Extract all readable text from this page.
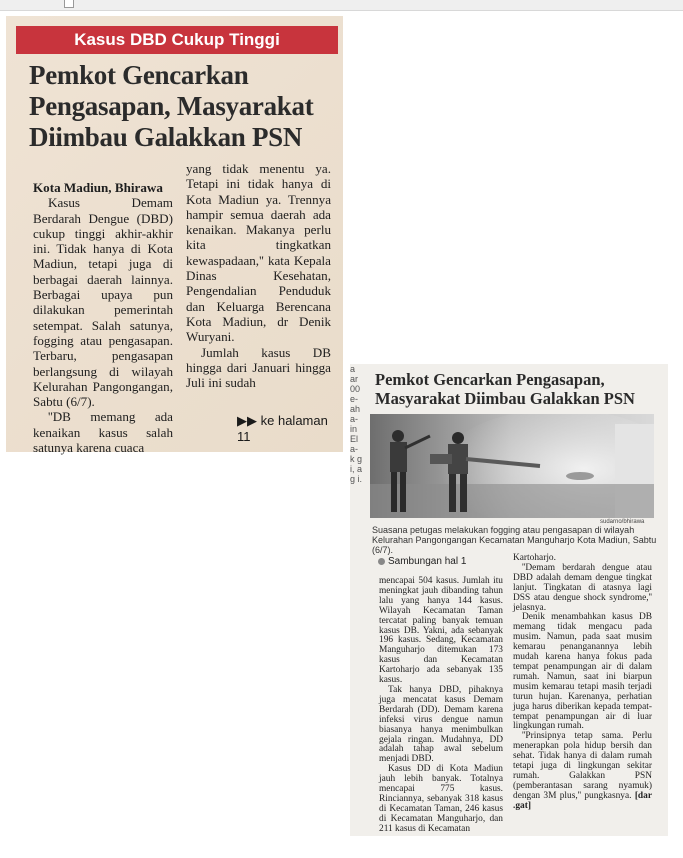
Kasus DBD Cukup Tinggi
Pemkot Gencarkan Pengasapan, Masyarakat Diimbau Galakkan PSN

Kota Madiun, Bhirawa

Kasus Demam Berdarah Dengue (DBD) cukup tinggi akhir-akhir ini. Tidak hanya di Kota Madiun, tetapi juga di berbagai daerah lainnya. Berbagai upaya pun dilakukan pemerintah setempat. Salah satunya, fogging atau pengasapan. Terbaru, pengasapan berlangsung di wilayah Kelurahan Pangongangan, Sabtu (6/7).

''DB memang ada kenaikan kasus salah satunya karena cuaca

yang tidak menentu ya. Tetapi ini tidak hanya di Kota Madiun ya. Trennya hampir semua daerah ada kenaikan. Makanya perlu kita tingkatkan kewaspadaan,'' kata Kepala Dinas Kesehatan, Pengendalian Penduduk dan Keluarga Berencana Kota Madiun, dr Denik Wuryani.

Jumlah kasus DB hingga dari Januari hingga Juli ini sudah

▶▶ ke halaman 11
a ar 00 e- ah a- in El a- k g i, a g i.
Pemkot Gencarkan Pengasapan, Masyarakat Diimbau Galakkan PSN
sudarno/bhirawa
Suasana petugas melakukan fogging atau pengasapan di wilayah Kelurahan Pangongangan Kecamatan Manguharjo Kota Madiun, Sabtu (6/7).
Sambungan hal 1

mencapai 504 kasus. Jumlah itu meningkat jauh dibanding tahun lalu yang hanya 144 kasus. Wilayah Kecamatan Taman tercatat paling banyak temuan kasus DB. Yakni, ada sebanyak 196 kasus. Sedang, Kecamatan Manguharjo ditemukan 173 kasus dan Kecamatan Kartoharjo ada sebanyak 135 kasus.

Tak hanya DBD, pihaknya juga mencatat kasus Demam Berdarah (DD). Demam karena infeksi virus dengue namun biasanya hanya menimbulkan gejala ringan. Mudahnya, DD adalah tahap awal sebelum menjadi DBD.

Kasus DD di Kota Madiun jauh lebih banyak. Totalnya mencapai 775 kasus. Rinciannya, sebanyak 318 kasus di Kecamatan Taman, 246 kasus di Kecamatan Manguharjo, dan 211 kasus di Kecamatan

Kartoharjo.

''Demam berdarah dengue atau DBD adalah demam dengue tingkat lanjut. Tingkatan di atasnya lagi DSS atau dengue shock syndrome,'' jelasnya.

Denik menambahkan kasus DB memang tidak mengacu pada musim. Namun, pada saat musim kemarau penanganannya lebih mudah karena hanya fokus pada tempat penampungan air di dalam rumah. Namun, saat ini biarpun musim kemarau tetapi masih terjadi turun hujan. Karenanya, perhatian juga harus diberikan kepada tempat-tempat penampungan air di luar lingkungan rumah.

''Prinsipnya tetap sama. Perlu menerapkan pola hidup bersih dan sehat. Tidak hanya di dalam rumah tetapi juga di lingkungan sekitar rumah. Galakkan PSN (pemberantasan sarang nyamuk) dengan 3M plus,'' pungkasnya. [dar .gat]
